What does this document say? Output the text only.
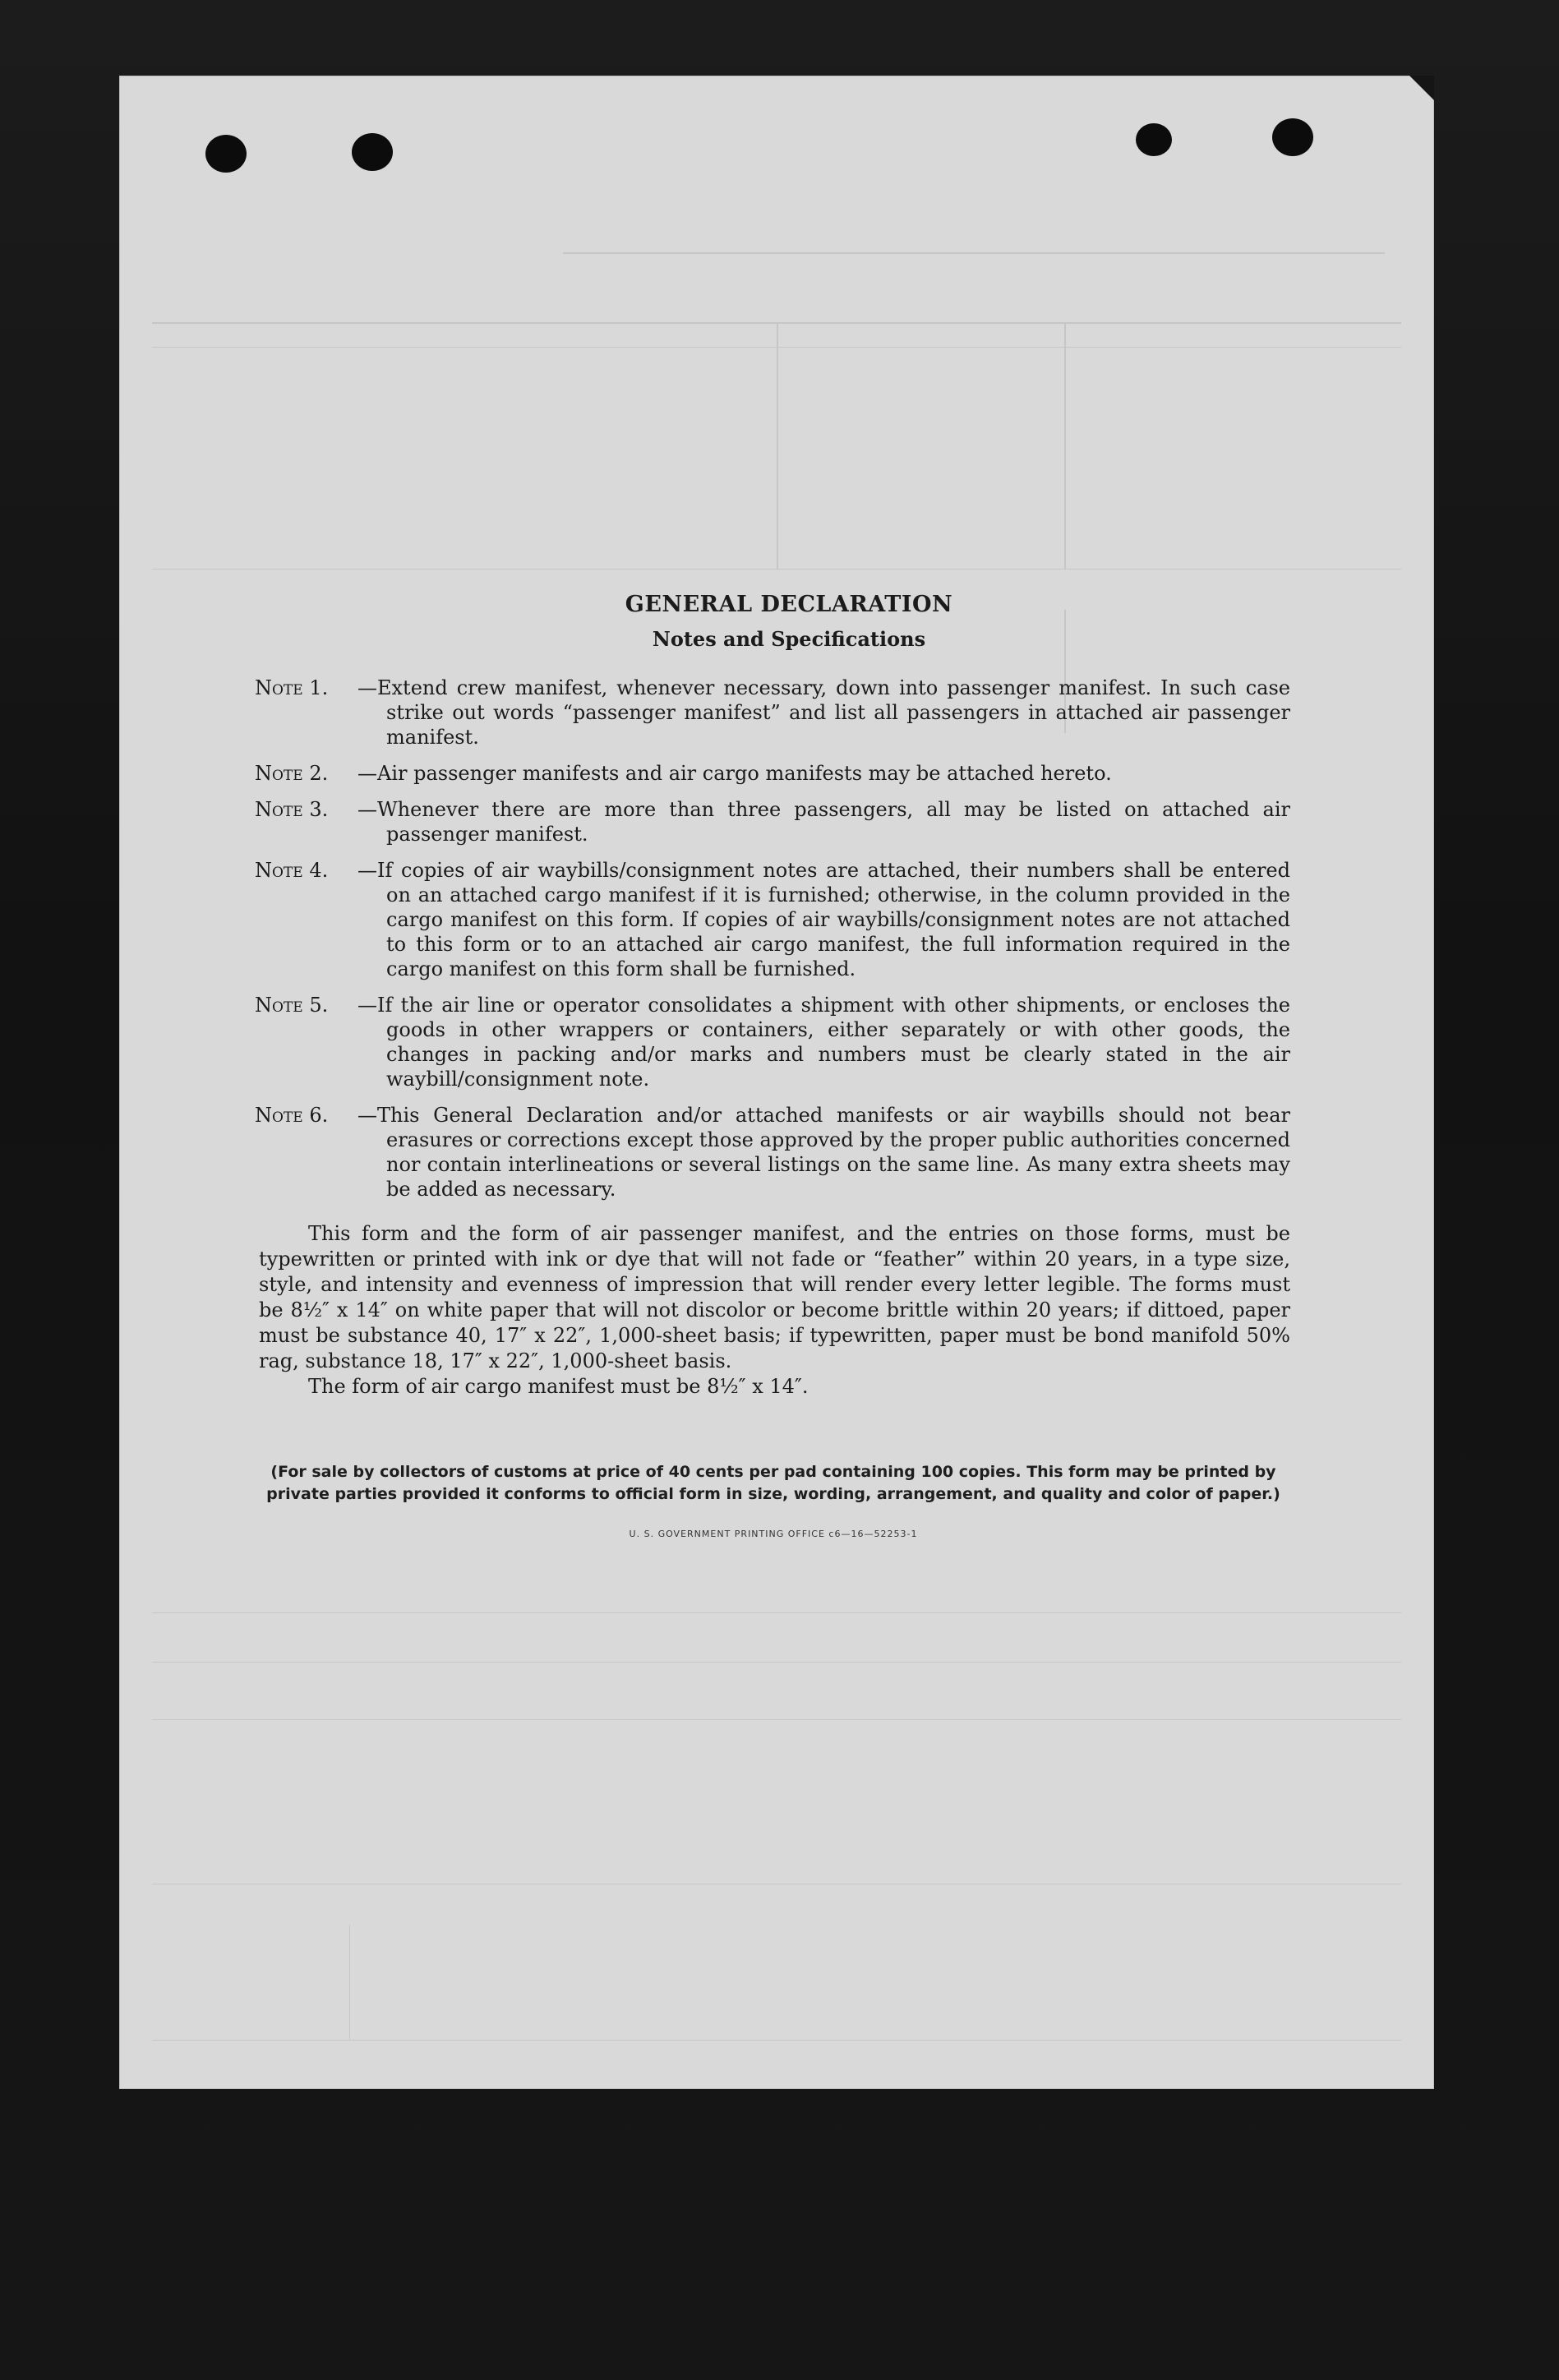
GENERAL DECLARATION
Notes and Specifications
Note 1.	—Extend crew manifest, whenever necessary, down into passenger manifest. In such case strike out words “passenger manifest” and list all passengers in attached air passenger manifest.
Note 2.	—Air passenger manifests and air cargo manifests may be attached hereto.
Note 3.	—Whenever there are more than three passengers, all may be listed on attached air passenger manifest.
Note 4.	—If copies of air waybills/consignment notes are attached, their numbers shall be entered on an attached cargo manifest if it is furnished; otherwise, in the column provided in the cargo manifest on this form. If copies of air waybills/consignment notes are not attached to this form or to an attached air cargo manifest, the full information required in the cargo manifest on this form shall be furnished.
Note 5.	—If the air line or operator consolidates a shipment with other shipments, or encloses the goods in other wrappers or containers, either separately or with other goods, the changes in packing and/or marks and numbers must be clearly stated in the air waybill/consignment note.
Note 6.	—This General Declaration and/or attached manifests or air waybills should not bear erasures or corrections except those approved by the proper public authorities concerned nor contain interlineations or several listings on the same line. As many extra sheets may be added as necessary.

This form and the form of air passenger manifest, and the entries on those forms, must be typewritten or printed with ink or dye that will not fade or “feather” within 20 years, in a type size, style, and intensity and evenness of impression that will render every letter legible. The forms must be 8½″ x 14″ on white paper that will not discolor or become brittle within 20 years; if dittoed, paper must be substance 40, 17″ x 22″, 1,000-sheet basis; if typewritten, paper must be bond manifold 50% rag, substance 18, 17″ x 22″, 1,000-sheet basis.

The form of air cargo manifest must be 8½″ x 14″.

(For sale by collectors of customs at price of 40 cents per pad containing 100 copies. This form may be printed by private parties provided it conforms to official form in size, wording, arrangement, and quality and color of paper.)
U. S. GOVERNMENT PRINTING OFFICE c6—16—52253-1
